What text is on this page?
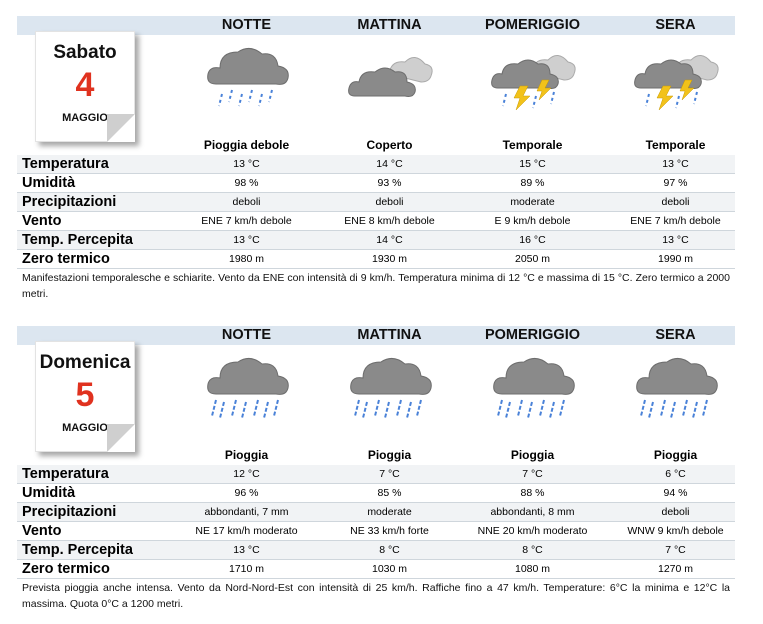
NOTTE	MATTINA	POMERIGGIO	SERA
Sabato
4
MAGGIO
Pioggia debole	Coperto	Temporale	Temporale
Temperatura	13 °C	14 °C	15 °C	13 °C
Umidità	98 %	93 %	89 %	97 %
Precipitazioni	deboli	deboli	moderate	deboli
Vento	ENE 7 km/h debole	ENE 8 km/h debole	E 9 km/h debole	ENE 7 km/h debole
Temp. Percepita	13 °C	14 °C	16 °C	13 °C
Zero termico	1980 m	1930 m	2050 m	1990 m
Manifestazioni temporalesche e schiarite. Vento da ENE con intensità di 9 km/h. Temperatura minima di 12 °C e massima di 15 °C. Zero termico a 2000 metri.
NOTTE	MATTINA	POMERIGGIO	SERA
Domenica
5
MAGGIO
Pioggia	Pioggia	Pioggia	Pioggia
Temperatura	12 °C	7 °C	7 °C	6 °C
Umidità	96 %	85 %	88 %	94 %
Precipitazioni	abbondanti, 7 mm	moderate	abbondanti, 8 mm	deboli
Vento	NE 17 km/h moderato	NE 33 km/h forte	NNE 20 km/h moderato	WNW 9 km/h debole
Temp. Percepita	13 °C	8 °C	8 °C	7 °C
Zero termico	1710 m	1030 m	1080 m	1270 m
Prevista pioggia anche intensa. Vento da Nord-Nord-Est con intensità di 25 km/h. Raffiche fino a 47 km/h. Temperature: 6°C la minima e 12°C la massima. Quota 0°C a 1200 metri.
